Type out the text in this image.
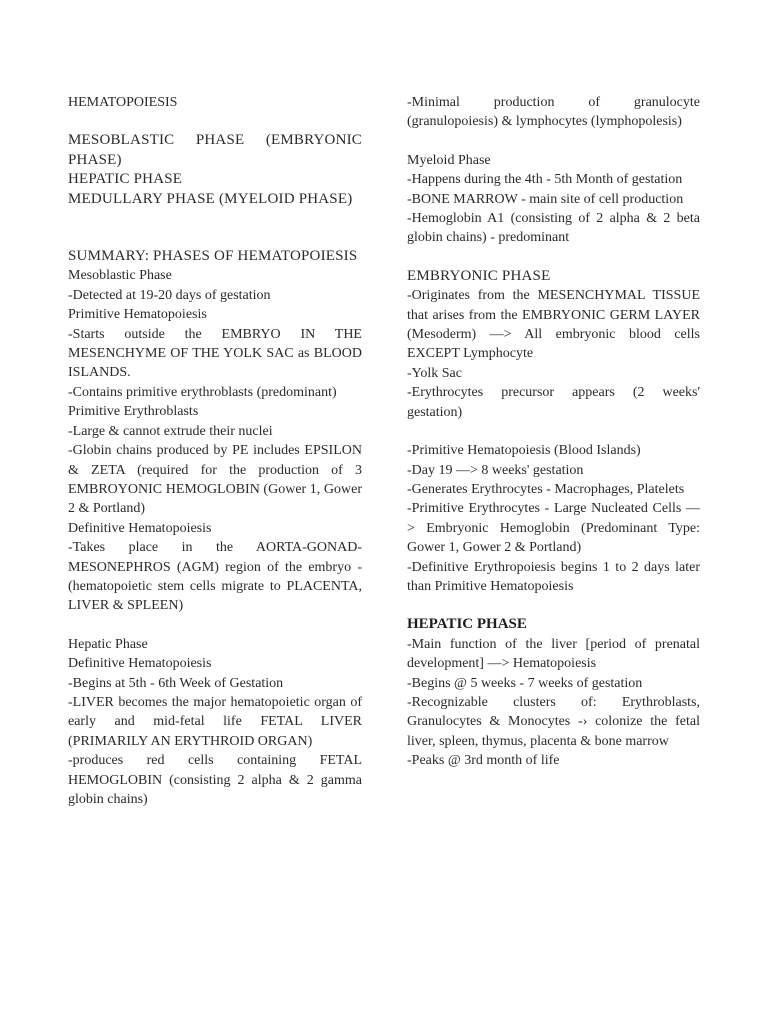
HEMATOPOIESIS

MESOBLASTIC PHASE (EMBRYONIC PHASE)

HEPATIC PHASE

MEDULLARY PHASE (MYELOID PHASE)

SUMMARY: PHASES OF HEMATOPOIESIS

Mesoblastic Phase

-Detected at 19-20 days of gestation

Primitive Hematopoiesis

-Starts outside the EMBRYO IN THE MESENCHYME OF THE YOLK SAC as BLOOD ISLANDS.

-Contains primitive erythroblasts (predominant)

Primitive Erythroblasts

-Large & cannot extrude their nuclei

-Globin chains produced by PE includes EPSILON & ZETA (required for the production of 3 EMBROYONIC HEMOGLOBIN (Gower 1, Gower 2 & Portland)

Definitive Hematopoiesis

-Takes place in the AORTA-GONAD-MESONEPHROS (AGM) region of the embryo - (hematopoietic stem cells migrate to PLACENTA, LIVER & SPLEEN)

Hepatic Phase

Definitive Hematopoiesis

-Begins at 5th - 6th Week of Gestation

-LIVER becomes the major hematopoietic organ of early and mid-fetal life FETAL LIVER (PRIMARILY AN ERYTHROID ORGAN)

-produces red cells containing FETAL HEMOGLOBIN (consisting 2 alpha & 2 gamma globin chains)

-Minimal production of granulocyte (granulopoiesis) & lymphocytes (lymphopolesis)

Myeloid Phase

-Happens during the 4th - 5th Month of gestation

-BONE MARROW - main site of cell production

-Hemoglobin A1 (consisting of 2 alpha & 2 beta globin chains) - predominant

EMBRYONIC PHASE

-Originates from the MESENCHYMAL TISSUE that arises from the EMBRYONIC GERM LAYER (Mesoderm) —> All embryonic blood cells EXCEPT Lymphocyte

-Yolk Sac

-Erythrocytes precursor appears (2 weeks' gestation)

-Primitive Hematopoiesis (Blood Islands)

-Day 19 —> 8 weeks' gestation

-Generates Erythrocytes - Macrophages, Platelets

-Primitive Erythrocytes - Large Nucleated Cells —> Embryonic Hemoglobin (Predominant Type: Gower 1, Gower 2 & Portland)

-Definitive Erythropoiesis begins 1 to 2 days later than Primitive Hematopoiesis

HEPATIC PHASE

-Main function of the liver [period of prenatal development] —> Hematopoiesis

-Begins @ 5 weeks - 7 weeks of gestation

-Recognizable clusters of: Erythroblasts, Granulocytes & Monocytes -› colonize the fetal liver, spleen, thymus, placenta & bone marrow

-Peaks @ 3rd month of life
